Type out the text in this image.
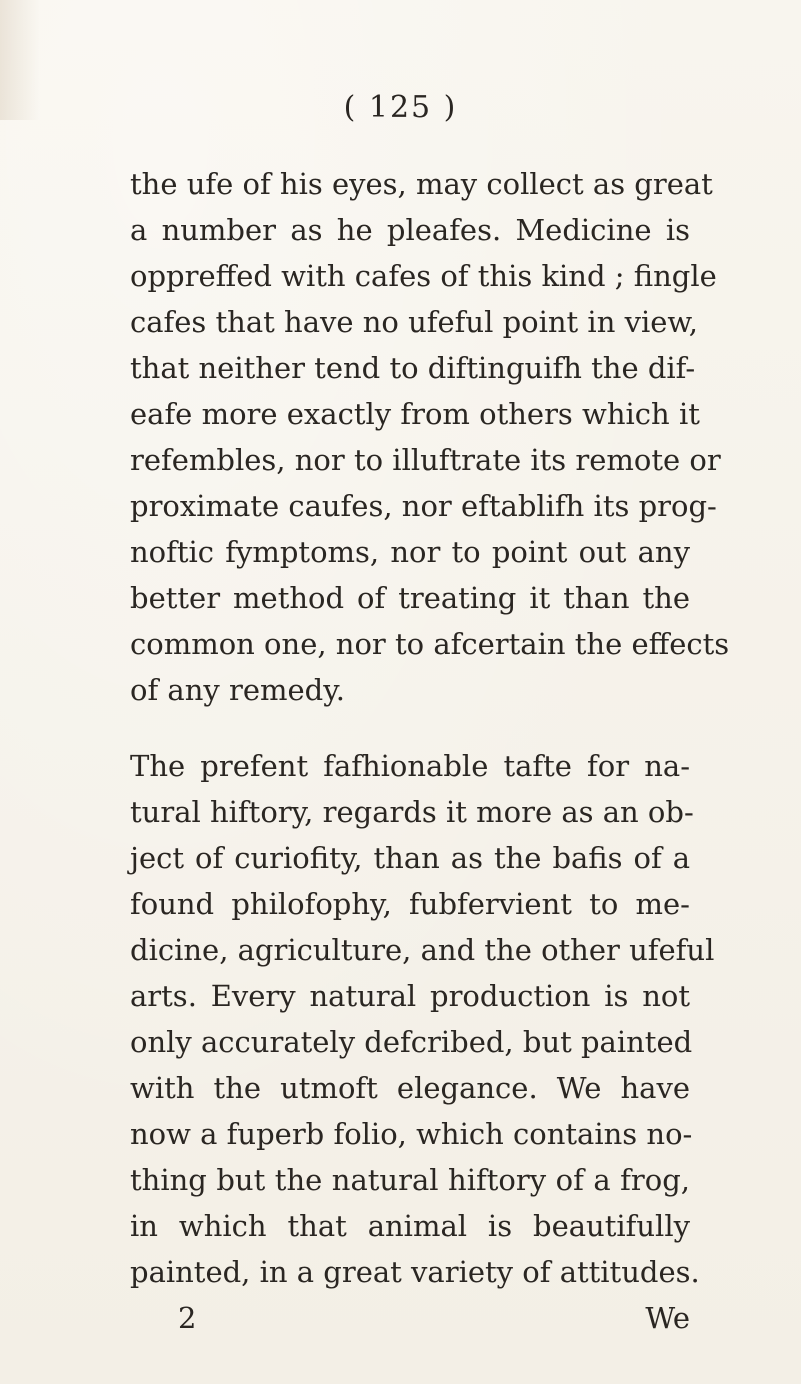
( 125 )
the ufe of his eyes, may collect as great
a number as he pleafes. Medicine is
oppreffed with cafes of this kind ; fingle
cafes that have no ufeful point in view,
that neither tend to diftinguifh the dif-
eafe more exactly from others which it
refembles, nor to illuftrate its remote or
proximate caufes, nor eftablifh its prog-
noftic fymptoms, nor to point out any
better method of treating it than the
common one, nor to afcertain the effects
of any remedy.
The prefent fafhionable tafte for na-
tural hiftory, regards it more as an ob-
ject of curiofity, than as the bafis of a
found philofophy, fubfervient to me-
dicine, agriculture, and the other ufeful
arts. Every natural production is not
only accurately defcribed, but painted
with the utmoft elegance. We have
now a fuperb folio, which contains no-
thing but the natural hiftory of a frog,
in which that animal is beautifully
painted, in a great variety of attitudes.
2	We
